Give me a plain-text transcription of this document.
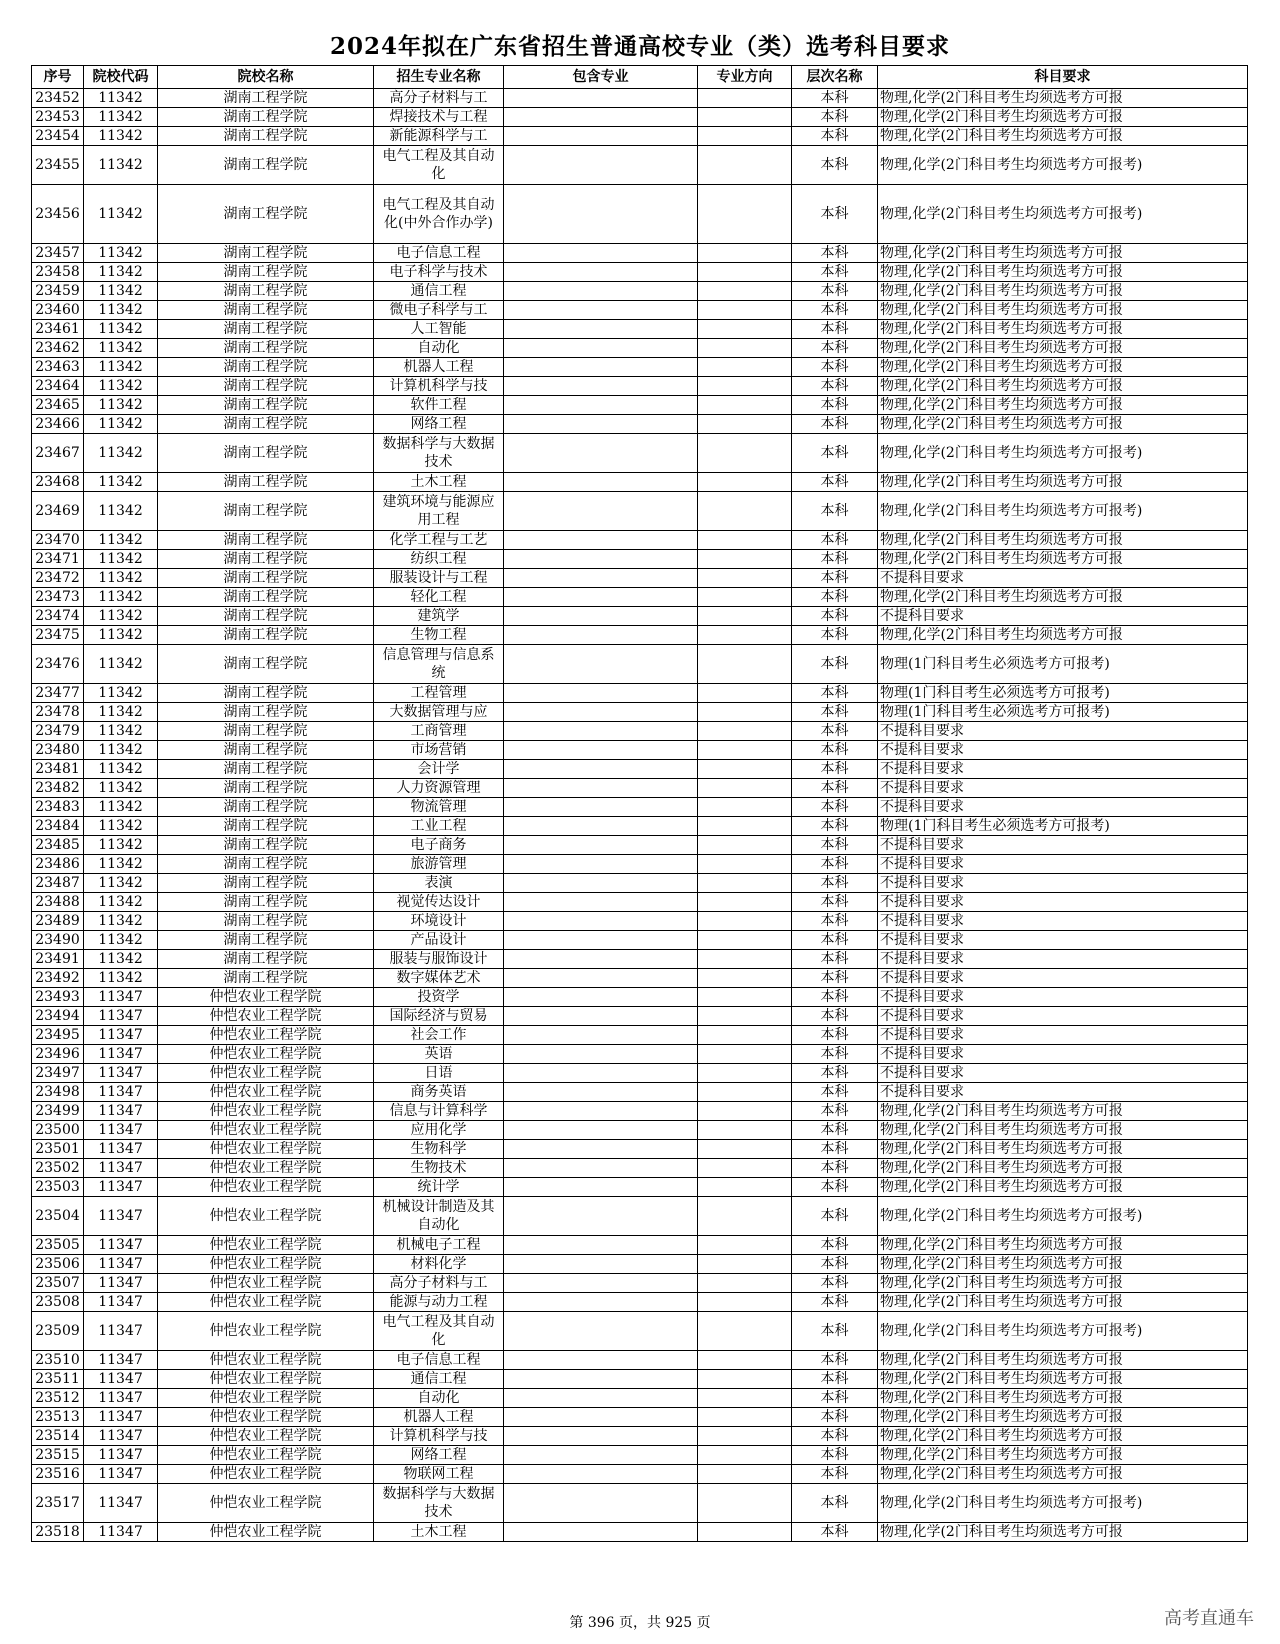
2024年拟在广东省招生普通高校专业（类）选考科目要求
序号	院校代码	院校名称	招生专业名称	包含专业	专业方向	层次名称	科目要求
23452	11342	湖南工程学院	高分子材料与工			本科	物理,化学(2门科目考生均须选考方可报
23453	11342	湖南工程学院	焊接技术与工程			本科	物理,化学(2门科目考生均须选考方可报
23454	11342	湖南工程学院	新能源科学与工			本科	物理,化学(2门科目考生均须选考方可报
23455	11342	湖南工程学院	电气工程及其自动化			本科	物理,化学(2门科目考生均须选考方可报考)
23456	11342	湖南工程学院	电气工程及其自动化(中外合作办学)			本科	物理,化学(2门科目考生均须选考方可报考)
23457	11342	湖南工程学院	电子信息工程			本科	物理,化学(2门科目考生均须选考方可报
23458	11342	湖南工程学院	电子科学与技术			本科	物理,化学(2门科目考生均须选考方可报
23459	11342	湖南工程学院	通信工程			本科	物理,化学(2门科目考生均须选考方可报
23460	11342	湖南工程学院	微电子科学与工			本科	物理,化学(2门科目考生均须选考方可报
23461	11342	湖南工程学院	人工智能			本科	物理,化学(2门科目考生均须选考方可报
23462	11342	湖南工程学院	自动化			本科	物理,化学(2门科目考生均须选考方可报
23463	11342	湖南工程学院	机器人工程			本科	物理,化学(2门科目考生均须选考方可报
23464	11342	湖南工程学院	计算机科学与技			本科	物理,化学(2门科目考生均须选考方可报
23465	11342	湖南工程学院	软件工程			本科	物理,化学(2门科目考生均须选考方可报
23466	11342	湖南工程学院	网络工程			本科	物理,化学(2门科目考生均须选考方可报
23467	11342	湖南工程学院	数据科学与大数据技术			本科	物理,化学(2门科目考生均须选考方可报考)
23468	11342	湖南工程学院	土木工程			本科	物理,化学(2门科目考生均须选考方可报
23469	11342	湖南工程学院	建筑环境与能源应用工程			本科	物理,化学(2门科目考生均须选考方可报考)
23470	11342	湖南工程学院	化学工程与工艺			本科	物理,化学(2门科目考生均须选考方可报
23471	11342	湖南工程学院	纺织工程			本科	物理,化学(2门科目考生均须选考方可报
23472	11342	湖南工程学院	服装设计与工程			本科	不提科目要求
23473	11342	湖南工程学院	轻化工程			本科	物理,化学(2门科目考生均须选考方可报
23474	11342	湖南工程学院	建筑学			本科	不提科目要求
23475	11342	湖南工程学院	生物工程			本科	物理,化学(2门科目考生均须选考方可报
23476	11342	湖南工程学院	信息管理与信息系统			本科	物理(1门科目考生必须选考方可报考)
23477	11342	湖南工程学院	工程管理			本科	物理(1门科目考生必须选考方可报考)
23478	11342	湖南工程学院	大数据管理与应			本科	物理(1门科目考生必须选考方可报考)
23479	11342	湖南工程学院	工商管理			本科	不提科目要求
23480	11342	湖南工程学院	市场营销			本科	不提科目要求
23481	11342	湖南工程学院	会计学			本科	不提科目要求
23482	11342	湖南工程学院	人力资源管理			本科	不提科目要求
23483	11342	湖南工程学院	物流管理			本科	不提科目要求
23484	11342	湖南工程学院	工业工程			本科	物理(1门科目考生必须选考方可报考)
23485	11342	湖南工程学院	电子商务			本科	不提科目要求
23486	11342	湖南工程学院	旅游管理			本科	不提科目要求
23487	11342	湖南工程学院	表演			本科	不提科目要求
23488	11342	湖南工程学院	视觉传达设计			本科	不提科目要求
23489	11342	湖南工程学院	环境设计			本科	不提科目要求
23490	11342	湖南工程学院	产品设计			本科	不提科目要求
23491	11342	湖南工程学院	服装与服饰设计			本科	不提科目要求
23492	11342	湖南工程学院	数字媒体艺术			本科	不提科目要求
23493	11347	仲恺农业工程学院	投资学			本科	不提科目要求
23494	11347	仲恺农业工程学院	国际经济与贸易			本科	不提科目要求
23495	11347	仲恺农业工程学院	社会工作			本科	不提科目要求
23496	11347	仲恺农业工程学院	英语			本科	不提科目要求
23497	11347	仲恺农业工程学院	日语			本科	不提科目要求
23498	11347	仲恺农业工程学院	商务英语			本科	不提科目要求
23499	11347	仲恺农业工程学院	信息与计算科学			本科	物理,化学(2门科目考生均须选考方可报
23500	11347	仲恺农业工程学院	应用化学			本科	物理,化学(2门科目考生均须选考方可报
23501	11347	仲恺农业工程学院	生物科学			本科	物理,化学(2门科目考生均须选考方可报
23502	11347	仲恺农业工程学院	生物技术			本科	物理,化学(2门科目考生均须选考方可报
23503	11347	仲恺农业工程学院	统计学			本科	物理,化学(2门科目考生均须选考方可报
23504	11347	仲恺农业工程学院	机械设计制造及其自动化			本科	物理,化学(2门科目考生均须选考方可报考)
23505	11347	仲恺农业工程学院	机械电子工程			本科	物理,化学(2门科目考生均须选考方可报
23506	11347	仲恺农业工程学院	材料化学			本科	物理,化学(2门科目考生均须选考方可报
23507	11347	仲恺农业工程学院	高分子材料与工			本科	物理,化学(2门科目考生均须选考方可报
23508	11347	仲恺农业工程学院	能源与动力工程			本科	物理,化学(2门科目考生均须选考方可报
23509	11347	仲恺农业工程学院	电气工程及其自动化			本科	物理,化学(2门科目考生均须选考方可报考)
23510	11347	仲恺农业工程学院	电子信息工程			本科	物理,化学(2门科目考生均须选考方可报
23511	11347	仲恺农业工程学院	通信工程			本科	物理,化学(2门科目考生均须选考方可报
23512	11347	仲恺农业工程学院	自动化			本科	物理,化学(2门科目考生均须选考方可报
23513	11347	仲恺农业工程学院	机器人工程			本科	物理,化学(2门科目考生均须选考方可报
23514	11347	仲恺农业工程学院	计算机科学与技			本科	物理,化学(2门科目考生均须选考方可报
23515	11347	仲恺农业工程学院	网络工程			本科	物理,化学(2门科目考生均须选考方可报
23516	11347	仲恺农业工程学院	物联网工程			本科	物理,化学(2门科目考生均须选考方可报
23517	11347	仲恺农业工程学院	数据科学与大数据技术			本科	物理,化学(2门科目考生均须选考方可报考)
23518	11347	仲恺农业工程学院	土木工程			本科	物理,化学(2门科目考生均须选考方可报
第 396 页，共 925 页	高考直通车
